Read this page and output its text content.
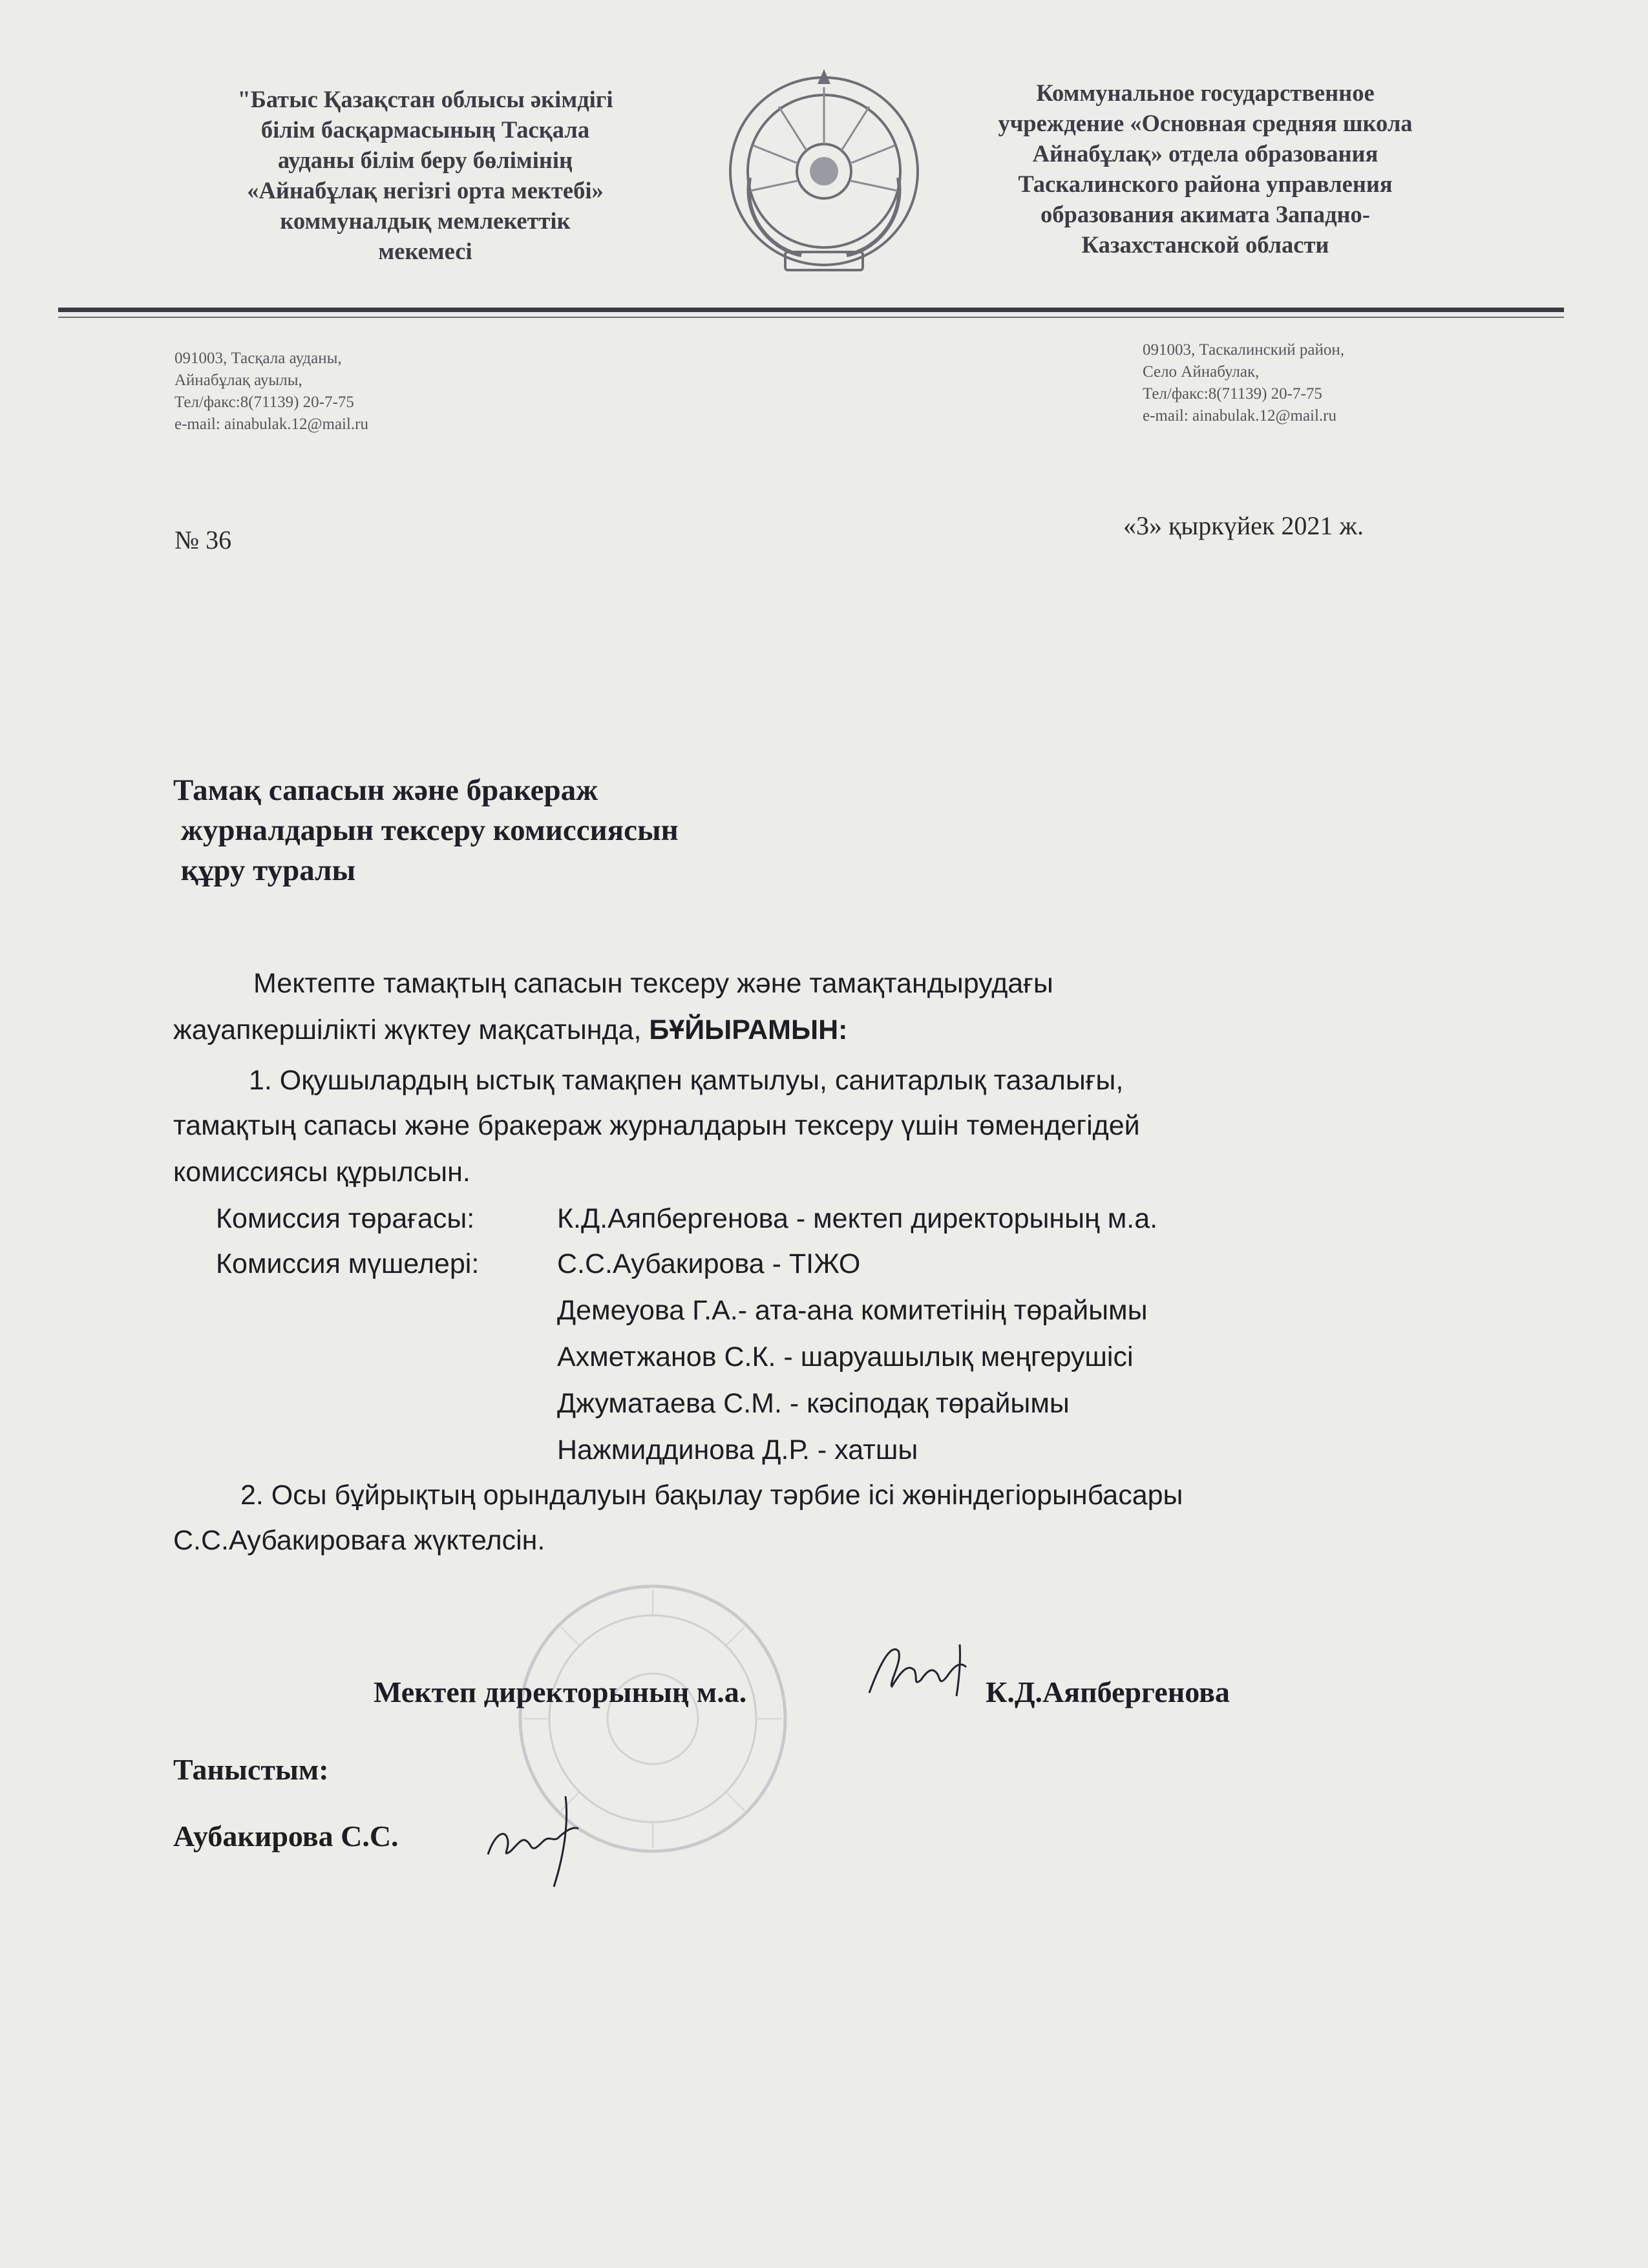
"Батыс Қазақстан облысы әкімдігі
білім басқармасының Тасқала
ауданы білім беру бөлімінің
«Айнабұлақ негізгі орта мектебі»
коммуналдық мемлекеттік
мекемесі
Коммунальное государственное
учреждение «Основная средняя школа
Айнабұлақ» отдела образования
Таскалинского района управления
образования акимата Западно-
Казахстанской области
091003, Тасқала ауданы,
Айнабұлақ ауылы,
Тел/факс:8(71139) 20-7-75
e-mail: ainabulak.12@mail.ru
091003, Таскалинский район,
Село Айнабулак,
Тел/факс:8(71139) 20-7-75
e-mail: ainabulak.12@mail.ru
№ 36	«3» қыркүйек 2021 ж.
Тамақ сапасын және бракераж
журналдарын тексеру комиссиясын
құру туралы
Мектепте тамақтың сапасын тексеру және тамақтандырудағы
жауапкершілікті жүктеу мақсатында, БҰЙЫРАМЫН:
1. Оқушылардың ыстық тамақпен қамтылуы, санитарлық тазалығы,
тамақтың сапасы және бракераж журналдарын тексеру үшін төмендегідей
комиссиясы құрылсын.
Комиссия төрағасы:	К.Д.Аяпбергенова - мектеп директорының м.а.
Комиссия мүшелері:	С.С.Аубакирова - ТІЖО
Демеуова Г.А.- ата-ана комитетінің төрайымы
Ахметжанов С.К. - шаруашылық меңгерушісі
Джуматаева С.М. - кәсіподақ төрайымы
Нажмиддинова Д.Р. - хатшы
2. Осы бұйрықтың орындалуын бақылау тәрбие ісі жөніндегіорынбасары
С.С.Аубакироваға жүктелсін.
Мектеп директорының м.а.	К.Д.Аяпбергенова
Таныстым:
Аубакирова С.С.
